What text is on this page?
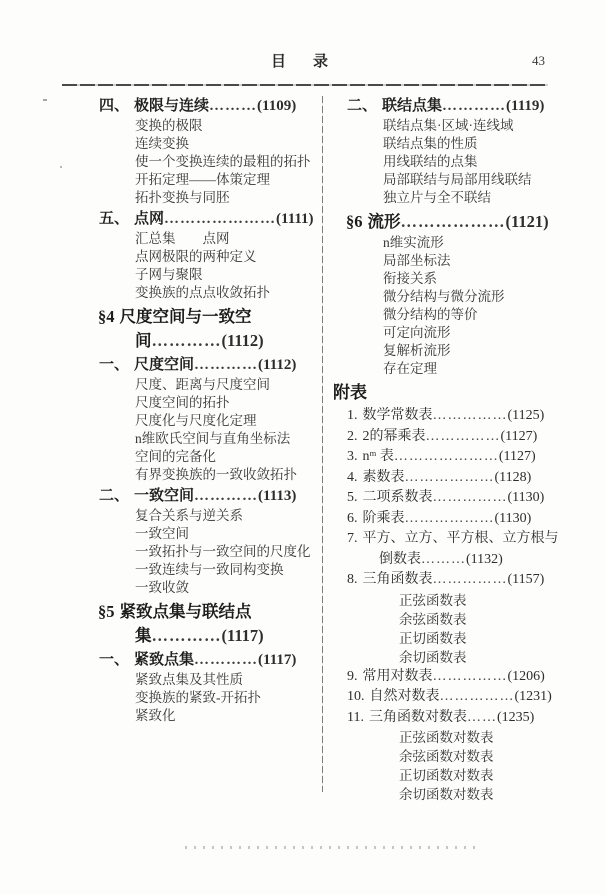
目　录	43
四、 极限与连续………(1109)
变换的极限
连续变换
使一个变换连续的最粗的拓扑
开拓定理——体策定理
拓扑变换与同胚
五、 点网…………………(1111)
汇总集　　点网
点网极限的两种定义
子网与聚限
变换族的点点收敛拓扑
§4 尺度空间与一致空间…………(1112)
一、 尺度空间…………(1112)
尺度、距离与尺度空间
尺度空间的拓扑
尺度化与尺度化定理
n维欧氏空间与直角坐标法
空间的完备化
有界变换族的一致收敛拓扑
二、 一致空间…………(1113)
复合关系与逆关系
一致空间
一致拓扑与一致空间的尺度化
一致连续与一致同构变换
一致收敛
§5 紧致点集与联结点集…………(1117)
一、 紧致点集…………(1117)
紧致点集及其性质
变换族的紧致-开拓扑
紧致化
二、 联结点集…………(1119)
联结点集·区域·连线域
联结点集的性质
用线联结的点集
局部联结与局部用线联结
独立片与全不联结
§6 流形………………(1121)
n维实流形
局部坐标法
衔接关系
微分结构与微分流形
微分结构的等价
可定向流形
复解析流形
存在定理
附表
1. 数学常数表……………(1125)
2. 2的幂乘表……………(1127)
3. nᵐ 表…………………(1127)
4. 素数表………………(1128)
5. 二项系数表……………(1130)
6. 阶乘表………………(1130)
7. 平方、立方、平方根、立方根与倒数表………(1132)
8. 三角函数表……………(1157)
正弦函数表
余弦函数表
正切函数表
余切函数表
9. 常用对数表……………(1206)
10. 自然对数表……………(1231)
11. 三角函数对数表……(1235)
正弦函数对数表
余弦函数对数表
正切函数对数表
余切函数对数表
